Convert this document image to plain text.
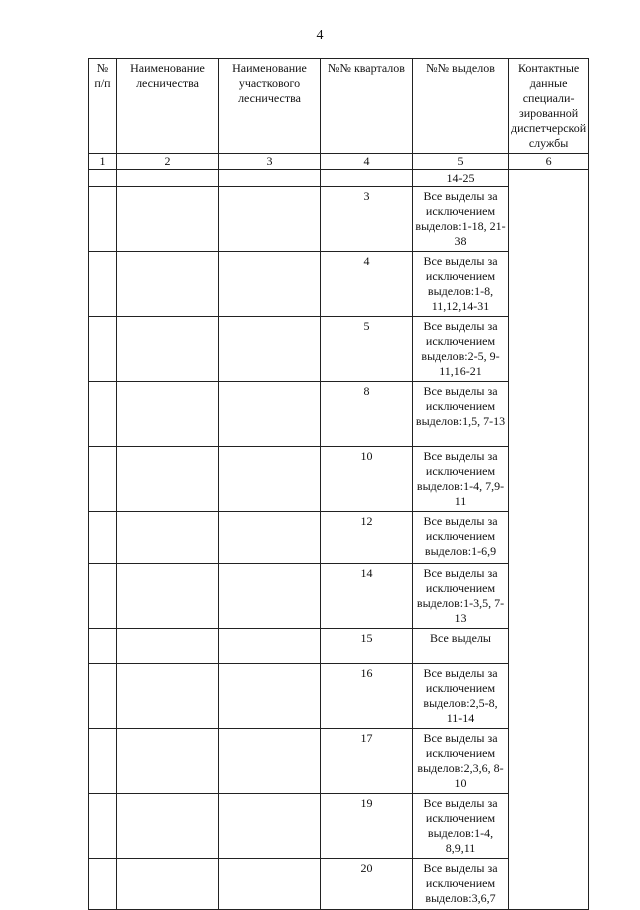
4
№ п/п	Наименование лесничества	Наименование участкового лесничества	№№ кварталов	№№ выделов	Контактные данные специали-зированной диспетчерской службы
1	2	3	4	5	6
				14-25	
			3	Все выделы за исключением выделов:1-18, 21-38	
			4	Все выделы за исключением выделов:1-8, 11,12,14-31	
			5	Все выделы за исключением выделов:2-5, 9-11,16-21	
			8	Все выделы за исключением выделов:1,5, 7-13	
			10	Все выделы за исключением выделов:1-4, 7,9-11	
			12	Все выделы за исключением выделов:1-6,9	
			14	Все выделы за исключением выделов:1-3,5, 7-13	
			15	Все выделы	
			16	Все выделы за исключением выделов:2,5-8, 11-14	
			17	Все выделы за исключением выделов:2,3,6, 8-10	
			19	Все выделы за исключением выделов:1-4, 8,9,11	
			20	Все выделы за исключением выделов:3,6,7	
